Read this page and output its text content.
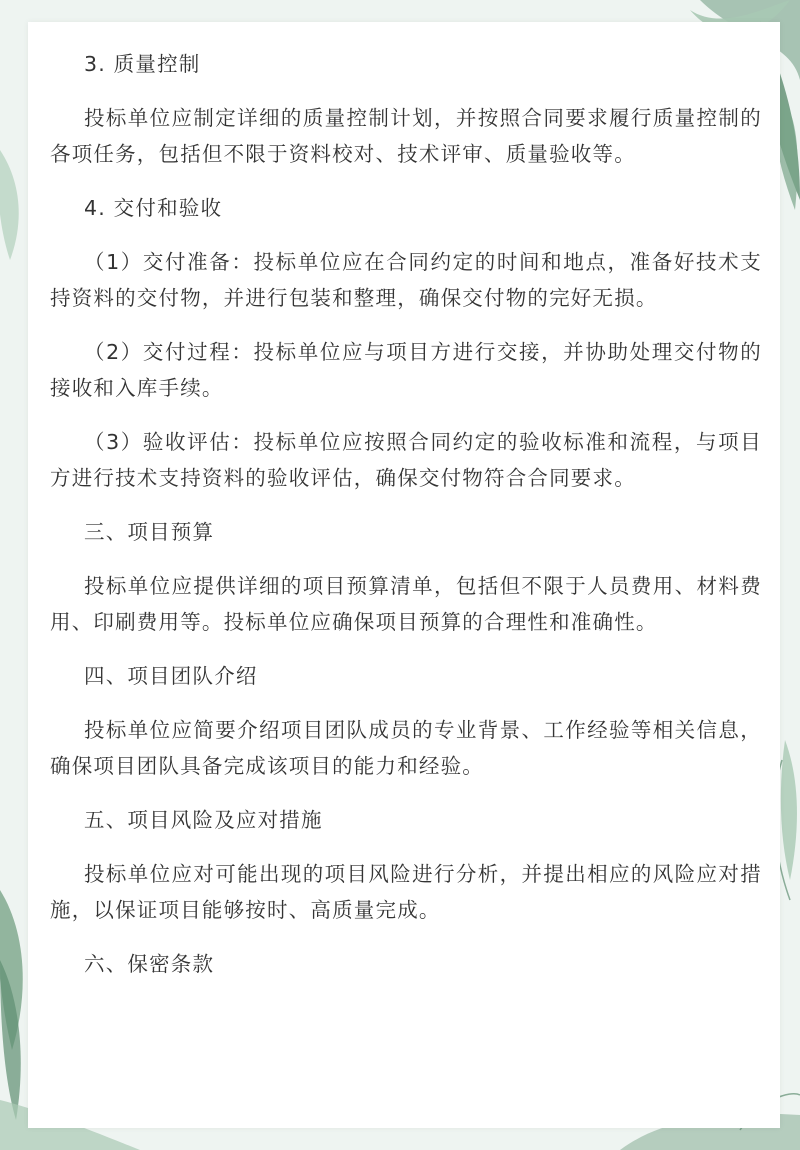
3. 质量控制

投标单位应制定详细的质量控制计划，并按照合同要求履行质量控制的各项任务，包括但不限于资料校对、技术评审、质量验收等。

4. 交付和验收

（1）交付准备：投标单位应在合同约定的时间和地点，准备好技术支持资料的交付物，并进行包装和整理，确保交付物的完好无损。

（2）交付过程：投标单位应与项目方进行交接，并协助处理交付物的接收和入库手续。

（3）验收评估：投标单位应按照合同约定的验收标准和流程，与项目方进行技术支持资料的验收评估，确保交付物符合合同要求。

三、项目预算

投标单位应提供详细的项目预算清单，包括但不限于人员费用、材料费用、印刷费用等。投标单位应确保项目预算的合理性和准确性。

四、项目团队介绍

投标单位应简要介绍项目团队成员的专业背景、工作经验等相关信息，确保项目团队具备完成该项目的能力和经验。

五、项目风险及应对措施

投标单位应对可能出现的项目风险进行分析，并提出相应的风险应对措施，以保证项目能够按时、高质量完成。

六、保密条款
